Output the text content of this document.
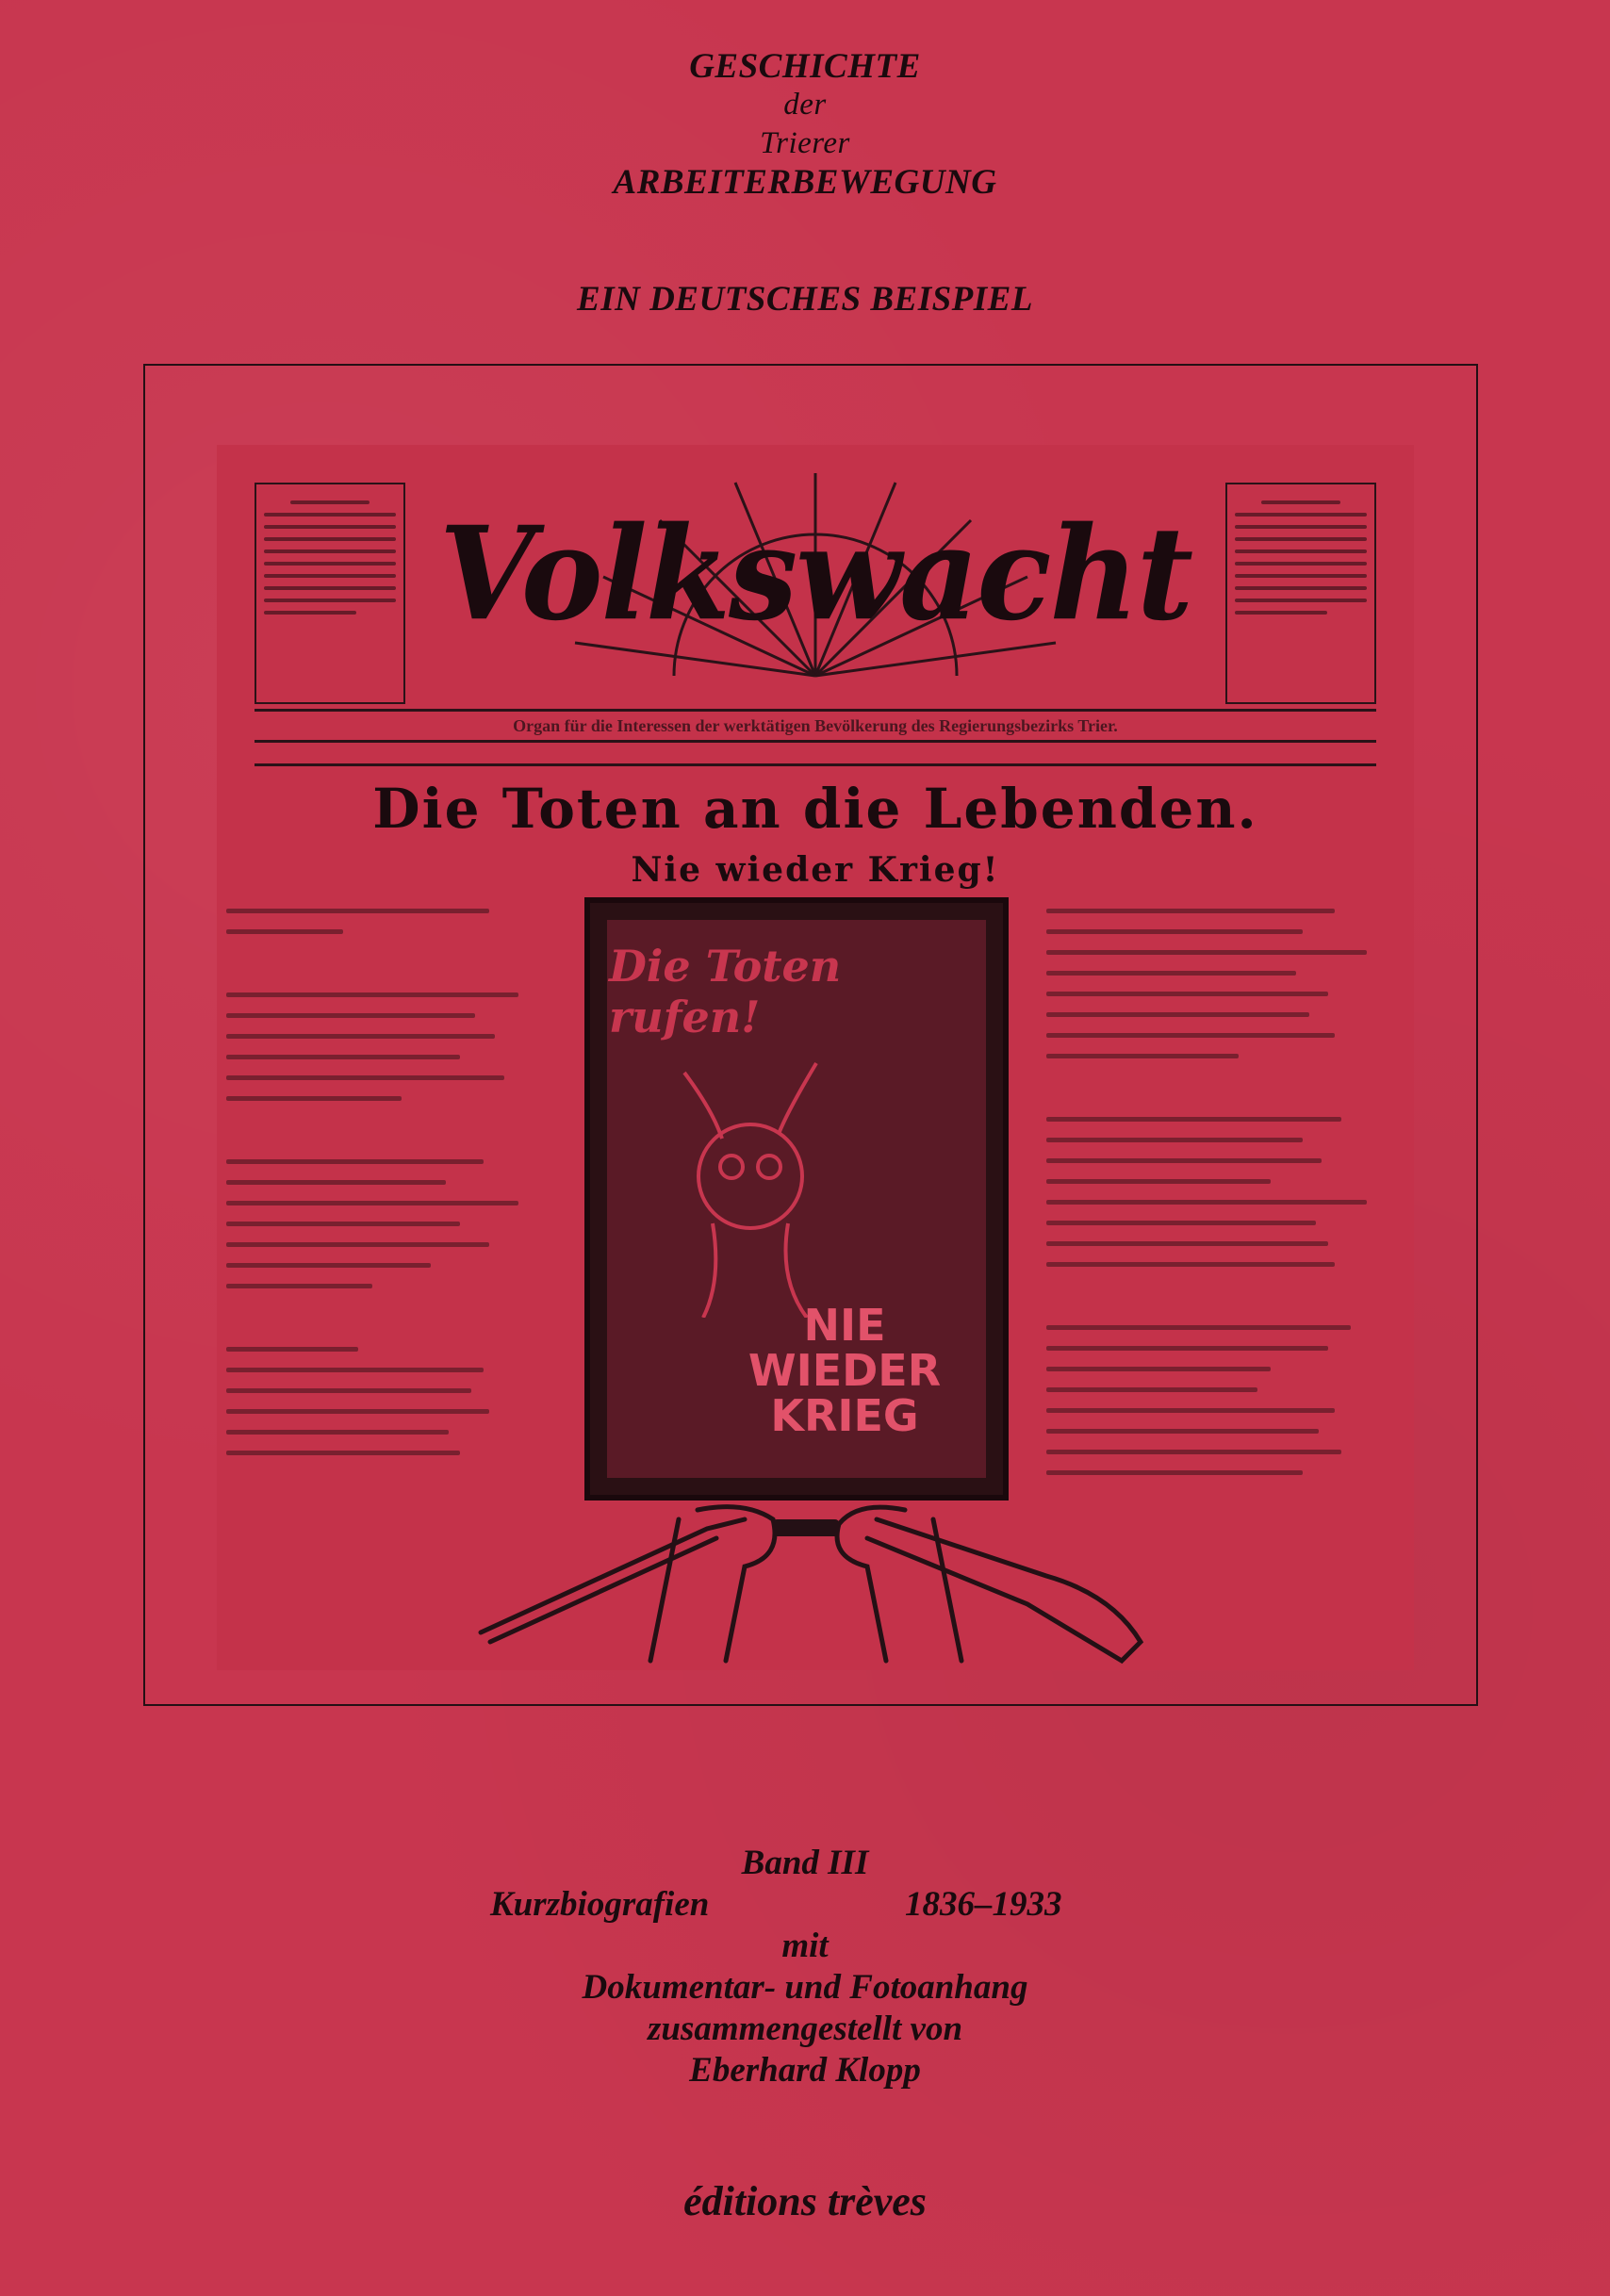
GESCHICHTE
der
Trierer
ARBEITERBEWEGUNG
EIN DEUTSCHES BEISPIEL
Volkswacht
Organ für die Interessen der werktätigen Bevölkerung des Regierungsbezirks Trier.
Die Toten an die Lebenden.
Nie wieder Krieg!
Die Toten rufen!
NIE
WIEDER
KRIEG
Band III
Kurzbiografien	1836–1933
mit
Dokumentar- und Fotoanhang
zusammengestellt von
Eberhard Klopp
éditions trèves
